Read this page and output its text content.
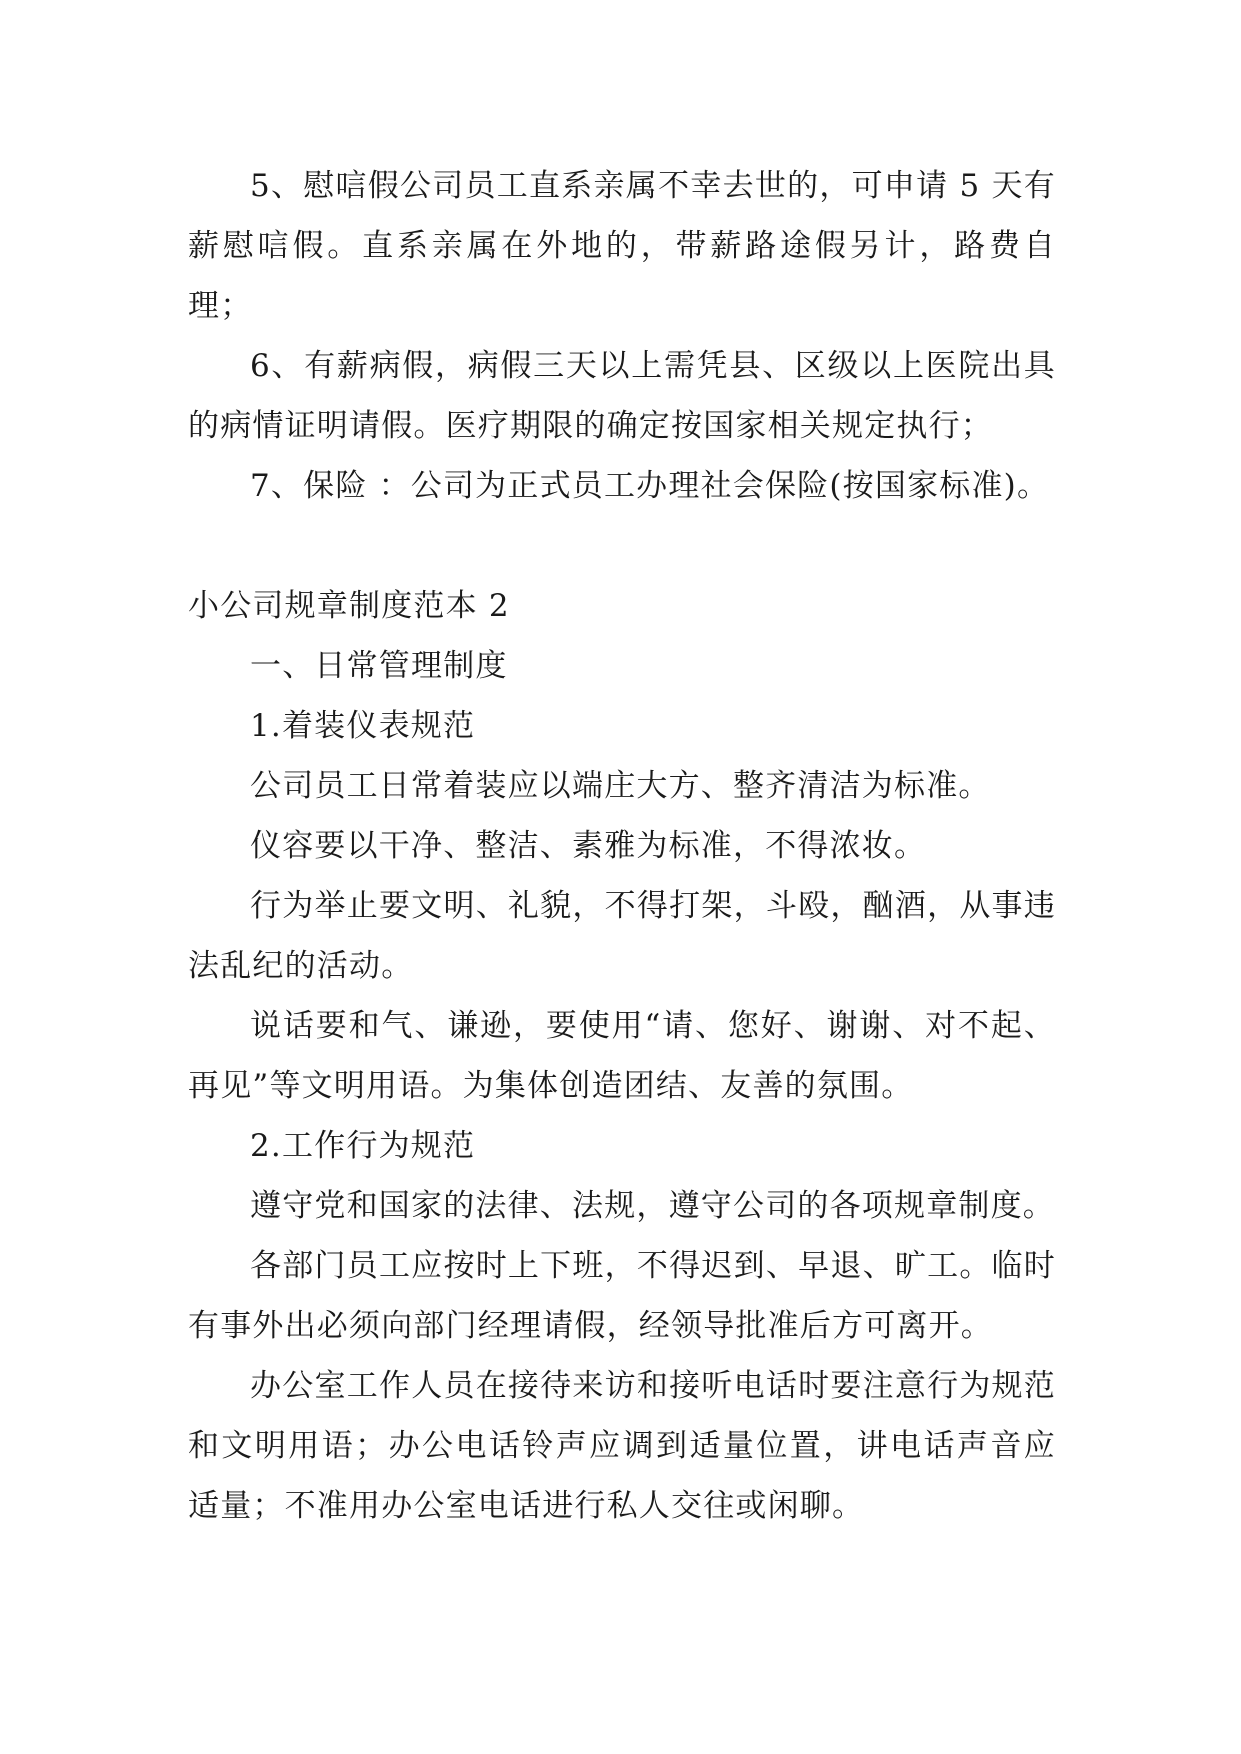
5、慰唁假公司员工直系亲属不幸去世的，可申请 5 天有薪慰唁假。直系亲属在外地的，带薪路途假另计，路费自理；

6、有薪病假，病假三天以上需凭县、区级以上医院出具的病情证明请假。医疗期限的确定按国家相关规定执行；

7、保险 ：公司为正式员工办理社会保险(按国家标准)。

小公司规章制度范本 2

一、日常管理制度

1.着装仪表规范

公司员工日常着装应以端庄大方、整齐清洁为标准。

仪容要以干净、整洁、素雅为标准，不得浓妆。

行为举止要文明、礼貌，不得打架，斗殴，酗酒，从事违法乱纪的活动。

说话要和气、谦逊，要使用“请、您好、谢谢、对不起、再见”等文明用语。为集体创造团结、友善的氛围。

2.工作行为规范

遵守党和国家的法律、法规，遵守公司的各项规章制度。

各部门员工应按时上下班，不得迟到、早退、旷工。临时有事外出必须向部门经理请假，经领导批准后方可离开。

办公室工作人员在接待来访和接听电话时要注意行为规范和文明用语；办公电话铃声应调到适量位置，讲电话声音应适量；不准用办公室电话进行私人交往或闲聊。
